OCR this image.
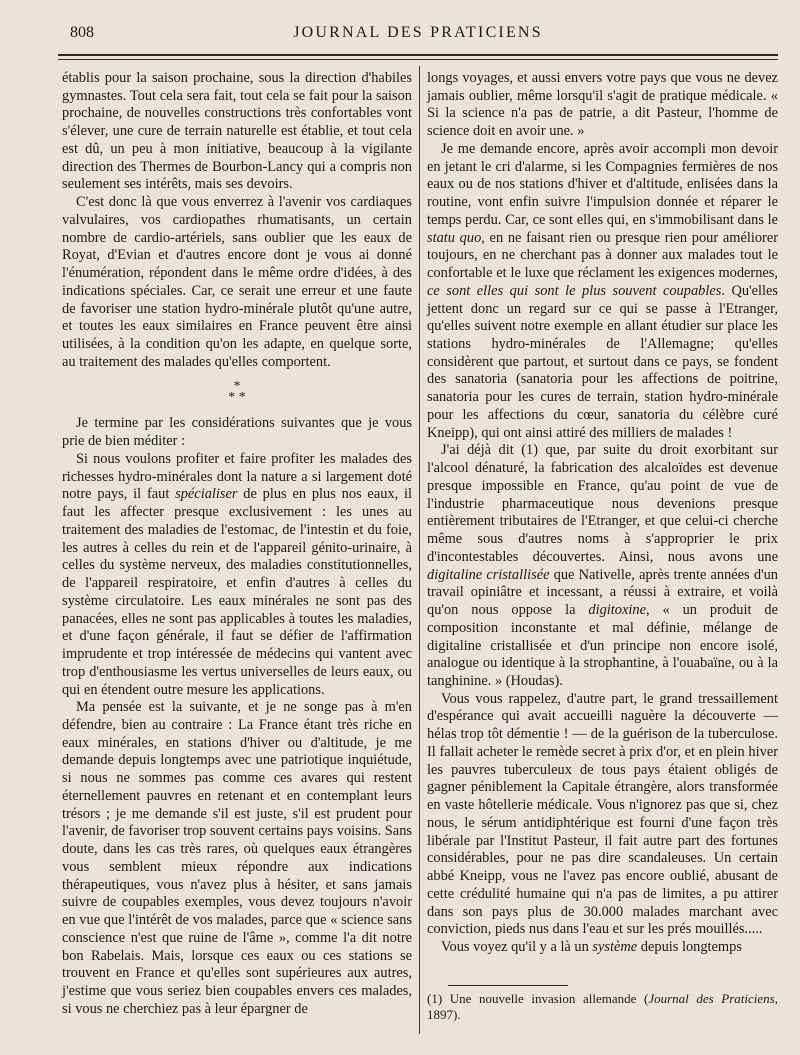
808	JOURNAL DES PRATICIENS

établis pour la saison prochaine, sous la direction d'habiles gymnastes. Tout cela sera fait, tout cela se fait pour la saison prochaine, de nouvelles constructions très confortables vont s'élever, une cure de terrain naturelle est établie, et tout cela est dû, un peu à mon initiative, beaucoup à la vigilante direction des Thermes de Bourbon-Lancy qui a compris non seulement ses intérêts, mais ses devoirs.

C'est donc là que vous enverrez à l'avenir vos cardiaques valvulaires, vos cardiopathes rhumatisants, un certain nombre de cardio-artériels, sans oublier que les eaux de Royat, d'Evian et d'autres encore dont je vous ai donné l'énumération, répondent dans le même ordre d'idées, à des indications spéciales. Car, ce serait une erreur et une faute de favoriser une station hydro-minérale plutôt qu'une autre, et toutes les eaux similaires en France peuvent être ainsi utilisées, à la condition qu'on les adapte, en quelque sorte, au traitement des malades qu'elles comportent.

*
* *

Je termine par les considérations suivantes que je vous prie de bien méditer :

Si nous voulons profiter et faire profiter les malades des richesses hydro-minérales dont la nature a si largement doté notre pays, il faut spécialiser de plus en plus nos eaux, il faut les affecter presque exclusivement : les unes au traitement des maladies de l'estomac, de l'intestin et du foie, les autres à celles du rein et de l'appareil génito-urinaire, à celles du système nerveux, des maladies constitutionnelles, de l'appareil respiratoire, et enfin d'autres à celles du système circulatoire. Les eaux minérales ne sont pas des panacées, elles ne sont pas applicables à toutes les maladies, et d'une façon générale, il faut se défier de l'affirmation imprudente et trop intéressée de médecins qui vantent avec trop d'enthousiasme les vertus universelles de leurs eaux, ou qui en étendent outre mesure les applications.

Ma pensée est la suivante, et je ne songe pas à m'en défendre, bien au contraire : La France étant très riche en eaux minérales, en stations d'hiver ou d'altitude, je me demande depuis longtemps avec une patriotique inquiétude, si nous ne sommes pas comme ces avares qui restent éternellement pauvres en retenant et en contemplant leurs trésors ; je me demande s'il est juste, s'il est prudent pour l'avenir, de favoriser trop souvent certains pays voisins. Sans doute, dans les cas très rares, où quelques eaux étrangères vous semblent mieux répondre aux indications thérapeutiques, vous n'avez plus à hésiter, et sans jamais suivre de coupables exemples, vous devez toujours n'avoir en vue que l'intérêt de vos malades, parce que « science sans conscience n'est que ruine de l'âme », comme l'a dit notre bon Rabelais. Mais, lorsque ces eaux ou ces stations se trouvent en France et qu'elles sont supérieures aux autres, j'estime que vous seriez bien coupables envers ces malades, si vous ne cherchiez pas à leur épargner de

longs voyages, et aussi envers votre pays que vous ne devez jamais oublier, même lorsqu'il s'agit de pratique médicale. « Si la science n'a pas de patrie, a dit Pasteur, l'homme de science doit en avoir une. »

Je me demande encore, après avoir accompli mon devoir en jetant le cri d'alarme, si les Compagnies fermières de nos eaux ou de nos stations d'hiver et d'altitude, enlisées dans la routine, vont enfin suivre l'impulsion donnée et réparer le temps perdu. Car, ce sont elles qui, en s'immobilisant dans le statu quo, en ne faisant rien ou presque rien pour améliorer toujours, en ne cherchant pas à donner aux malades tout le confortable et le luxe que réclament les exigences modernes, ce sont elles qui sont le plus souvent coupables. Qu'elles jettent donc un regard sur ce qui se passe à l'Etranger, qu'elles suivent notre exemple en allant étudier sur place les stations hydro-minérales de l'Allemagne; qu'elles considèrent que partout, et surtout dans ce pays, se fondent des sanatoria (sanatoria pour les affections de poitrine, sanatoria pour les cures de terrain, station hydro-minérale pour les affections du cœur, sanatoria du célèbre curé Kneipp), qui ont ainsi attiré des milliers de malades !

J'ai déjà dit (1) que, par suite du droit exorbitant sur l'alcool dénaturé, la fabrication des alcaloïdes est devenue presque impossible en France, qu'au point de vue de l'industrie pharmaceutique nous devenions presque entièrement tributaires de l'Etranger, et que celui-ci cherche même sous d'autres noms à s'approprier le prix d'incontestables découvertes. Ainsi, nous avons une digitaline cristallisée que Nativelle, après trente années d'un travail opiniâtre et incessant, a réussi à extraire, et voilà qu'on nous oppose la digitoxine, « un produit de composition inconstante et mal définie, mélange de digitaline cristallisée et d'un principe non encore isolé, analogue ou identique à la strophantine, à l'ouabaïne, ou à la tanghinine. » (Houdas).

Vous vous rappelez, d'autre part, le grand tressaillement d'espérance qui avait accueilli naguère la découverte — hélas trop tôt démentie ! — de la guérison de la tuberculose. Il fallait acheter le remède secret à prix d'or, et en plein hiver les pauvres tuberculeux de tous pays étaient obligés de gagner péniblement la Capitale étrangère, alors transformée en vaste hôtellerie médicale. Vous n'ignorez pas que si, chez nous, le sérum antidiphtérique est fourni d'une façon très libérale par l'Institut Pasteur, il fait autre part des fortunes considérables, pour ne pas dire scandaleuses. Un certain abbé Kneipp, vous ne l'avez pas encore oublié, abusant de cette crédulité humaine qui n'a pas de limites, a pu attirer dans son pays plus de 30.000 malades marchant avec conviction, pieds nus dans l'eau et sur les prés mouillés.....

Vous voyez qu'il y a là un système depuis longtemps

(1) Une nouvelle invasion allemande (Journal des Praticiens, 1897).
